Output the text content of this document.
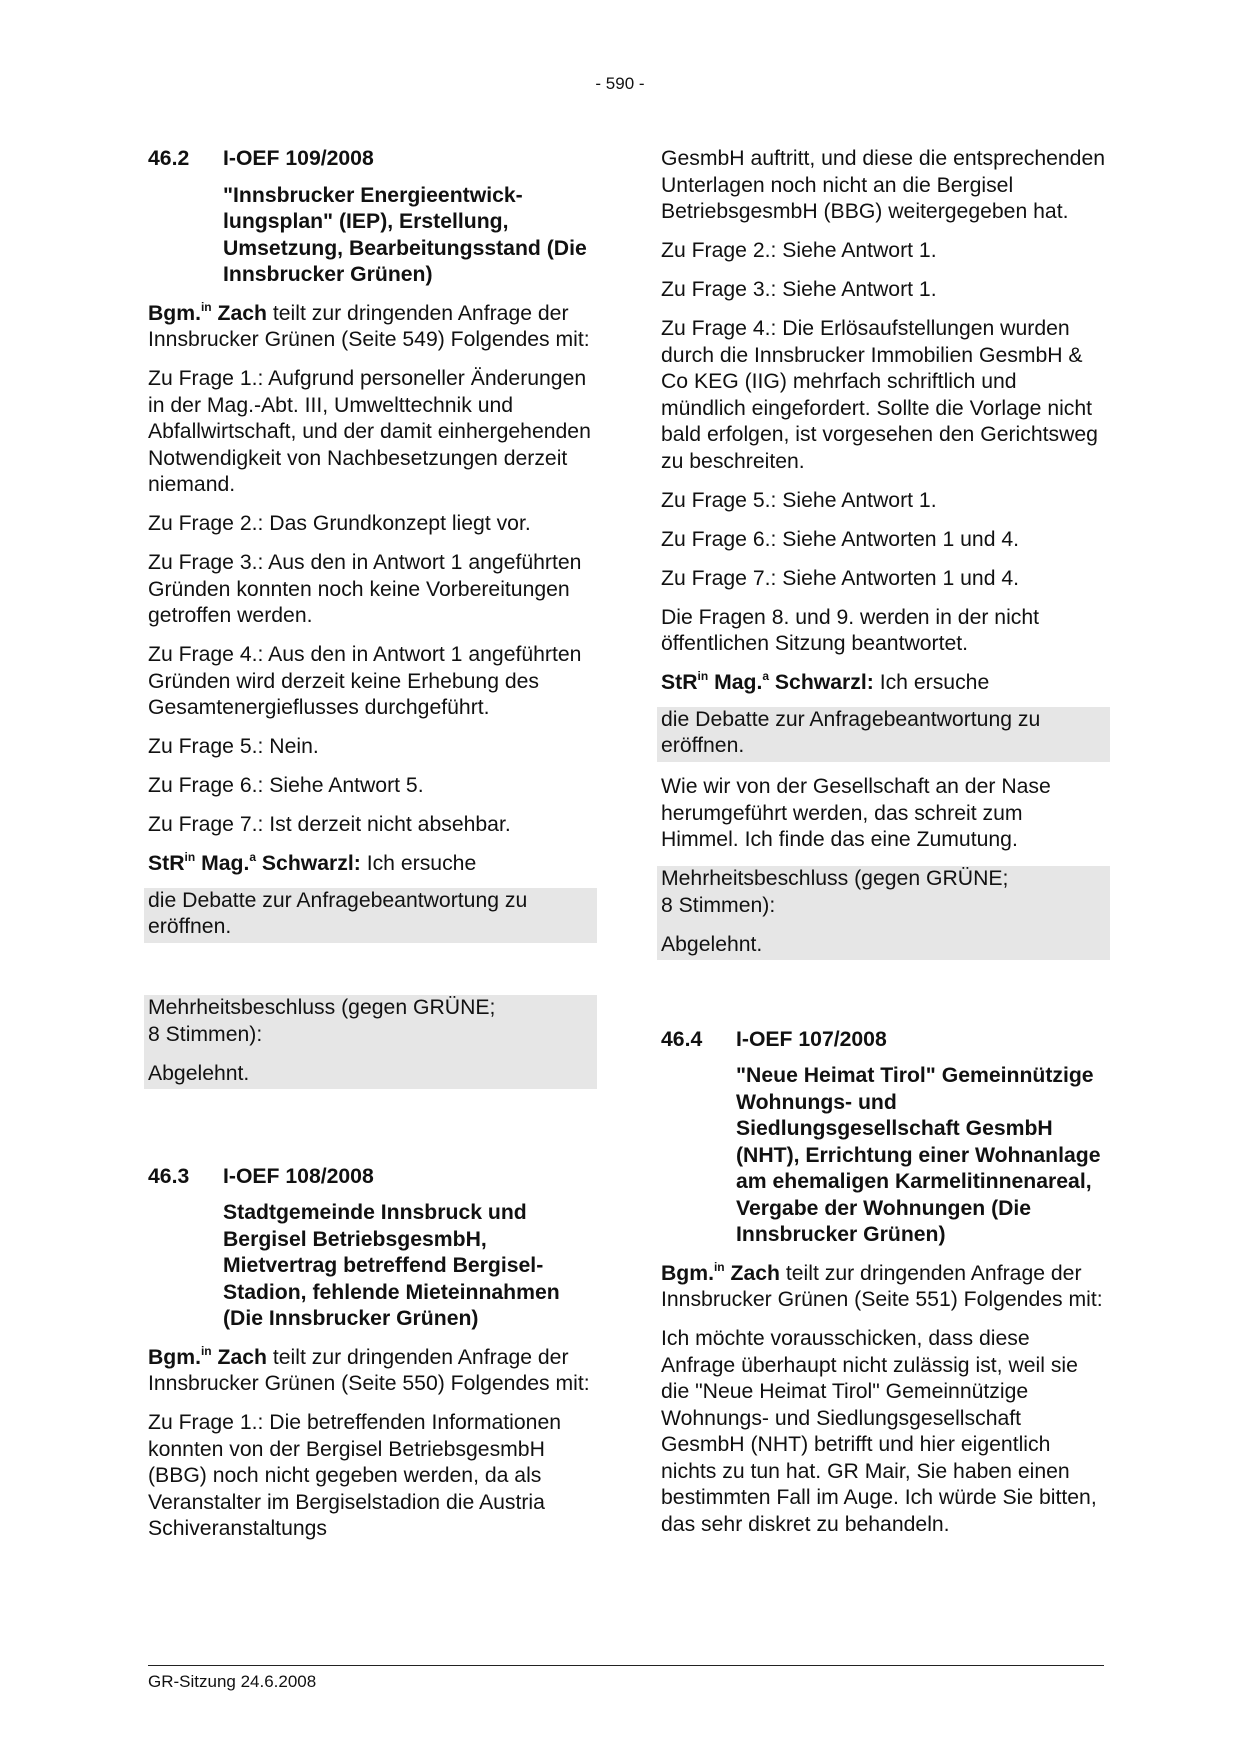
- 590 -
46.2	I-OEF 109/2008
"Innsbrucker Energieentwick-lungsplan" (IEP), Erstellung, Umsetzung, Bearbeitungsstand (Die Innsbrucker Grünen)

Bgm.$^{in}$ Zach teilt zur dringenden Anfrage der Innsbrucker Grünen (Seite 549) Folgendes mit:

Zu Frage 1.: Aufgrund personeller Änderungen in der Mag.-Abt. III, Umwelttechnik und Abfallwirtschaft, und der damit einhergehenden Notwendigkeit von Nachbesetzungen derzeit niemand.

Zu Frage 2.: Das Grundkonzept liegt vor.

Zu Frage 3.: Aus den in Antwort 1 angeführten Gründen konnten noch keine Vorbereitungen getroffen werden.

Zu Frage 4.: Aus den in Antwort 1 angeführten Gründen wird derzeit keine Erhebung des Gesamtenergieflusses durchgeführt.

Zu Frage 5.: Nein.

Zu Frage 6.: Siehe Antwort 5.

Zu Frage 7.: Ist derzeit nicht absehbar.

StR$^{in}$ Mag.$^a$ Schwarzl: Ich ersuche

die Debatte zur Anfragebeantwortung zu eröffnen.

Mehrheitsbeschluss (gegen GRÜNE; 8 Stimmen):

Abgelehnt.

46.3	I-OEF 108/2008
Stadtgemeinde Innsbruck und Bergisel BetriebsgesmbH, Mietvertrag betreffend Bergisel-Stadion, fehlende Mieteinnahmen (Die Innsbrucker Grünen)

Bgm.$^{in}$ Zach teilt zur dringenden Anfrage der Innsbrucker Grünen (Seite 550) Folgendes mit:

Zu Frage 1.: Die betreffenden Informationen konnten von der Bergisel BetriebsgesmbH (BBG) noch nicht gegeben werden, da als Veranstalter im Bergiselstadion die Austria Schiveranstaltungs

GesmbH auftritt, und diese die entsprechenden Unterlagen noch nicht an die Bergisel BetriebsgesmbH (BBG) weitergegeben hat.

Zu Frage 2.: Siehe Antwort 1.

Zu Frage 3.: Siehe Antwort 1.

Zu Frage 4.: Die Erlösaufstellungen wurden durch die Innsbrucker Immobilien GesmbH & Co KEG (IIG) mehrfach schriftlich und mündlich eingefordert. Sollte die Vorlage nicht bald erfolgen, ist vorgesehen den Gerichtsweg zu beschreiten.

Zu Frage 5.: Siehe Antwort 1.

Zu Frage 6.: Siehe Antworten 1 und 4.

Zu Frage 7.: Siehe Antworten 1 und 4.

Die Fragen 8. und 9. werden in der nicht öffentlichen Sitzung beantwortet.

StR$^{in}$ Mag.$^a$ Schwarzl: Ich ersuche

die Debatte zur Anfragebeantwortung zu eröffnen.

Wie wir von der Gesellschaft an der Nase herumgeführt werden, das schreit zum Himmel. Ich finde das eine Zumutung.

Mehrheitsbeschluss (gegen GRÜNE; 8 Stimmen):

Abgelehnt.

46.4	I-OEF 107/2008
"Neue Heimat Tirol" Gemeinnützige Wohnungs- und Siedlungsgesellschaft GesmbH (NHT), Errichtung einer Wohnanlage am ehemaligen Karmelitinnenareal, Vergabe der Wohnungen (Die Innsbrucker Grünen)

Bgm.$^{in}$ Zach teilt zur dringenden Anfrage der Innsbrucker Grünen (Seite 551) Folgendes mit:

Ich möchte vorausschicken, dass diese Anfrage überhaupt nicht zulässig ist, weil sie die "Neue Heimat Tirol" Gemeinnützige Wohnungs- und Siedlungsgesellschaft GesmbH (NHT) betrifft und hier eigentlich nichts zu tun hat. GR Mair, Sie haben einen bestimmten Fall im Auge. Ich würde Sie bitten, das sehr diskret zu behandeln.

GR-Sitzung 24.6.2008
